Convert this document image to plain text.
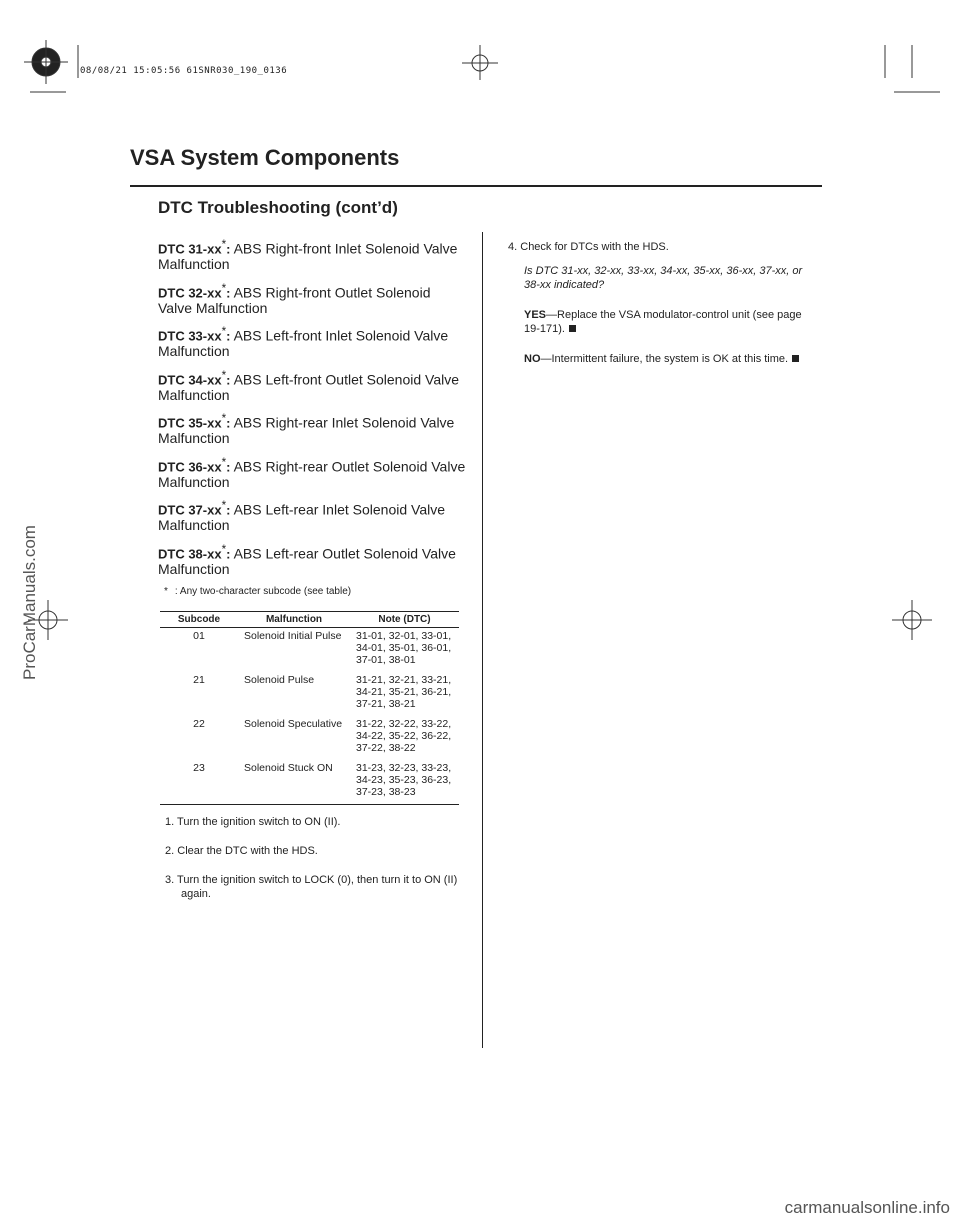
08/08/21 15:05:56 61SNR030_190_0136
VSA System Components
DTC Troubleshooting (cont’d)
DTC 31-xx*: ABS Right-front Inlet Solenoid Valve Malfunction
DTC 32-xx*: ABS Right-front Outlet Solenoid Valve Malfunction
DTC 33-xx*: ABS Left-front Inlet Solenoid Valve Malfunction
DTC 34-xx*: ABS Left-front Outlet Solenoid Valve Malfunction
DTC 35-xx*: ABS Right-rear Inlet Solenoid Valve Malfunction
DTC 36-xx*: ABS Right-rear Outlet Solenoid Valve Malfunction
DTC 37-xx*: ABS Left-rear Inlet Solenoid Valve Malfunction
DTC 38-xx*: ABS Left-rear Outlet Solenoid Valve Malfunction
* : Any two-character subcode (see table)
Subcode	Malfunction	Note (DTC)
01	Solenoid Initial Pulse	31-01, 32-01, 33-01, 34-01, 35-01, 36-01, 37-01, 38-01
21	Solenoid Pulse	31-21, 32-21, 33-21, 34-21, 35-21, 36-21, 37-21, 38-21
22	Solenoid Speculative	31-22, 32-22, 33-22, 34-22, 35-22, 36-22, 37-22, 38-22
23	Solenoid Stuck ON	31-23, 32-23, 33-23, 34-23, 35-23, 36-23, 37-23, 38-23
1. Turn the ignition switch to ON (II).
2. Clear the DTC with the HDS.
3. Turn the ignition switch to LOCK (0), then turn it to ON (II) again.
4. Check for DTCs with the HDS.
Is DTC 31-xx, 32-xx, 33-xx, 34-xx, 35-xx, 36-xx, 37-xx, or 38-xx indicated?
YES—Replace the VSA modulator-control unit (see page 19-171).
NO—Intermittent failure, the system is OK at this time.
ProCarManuals.com
carmanualsonline.info
